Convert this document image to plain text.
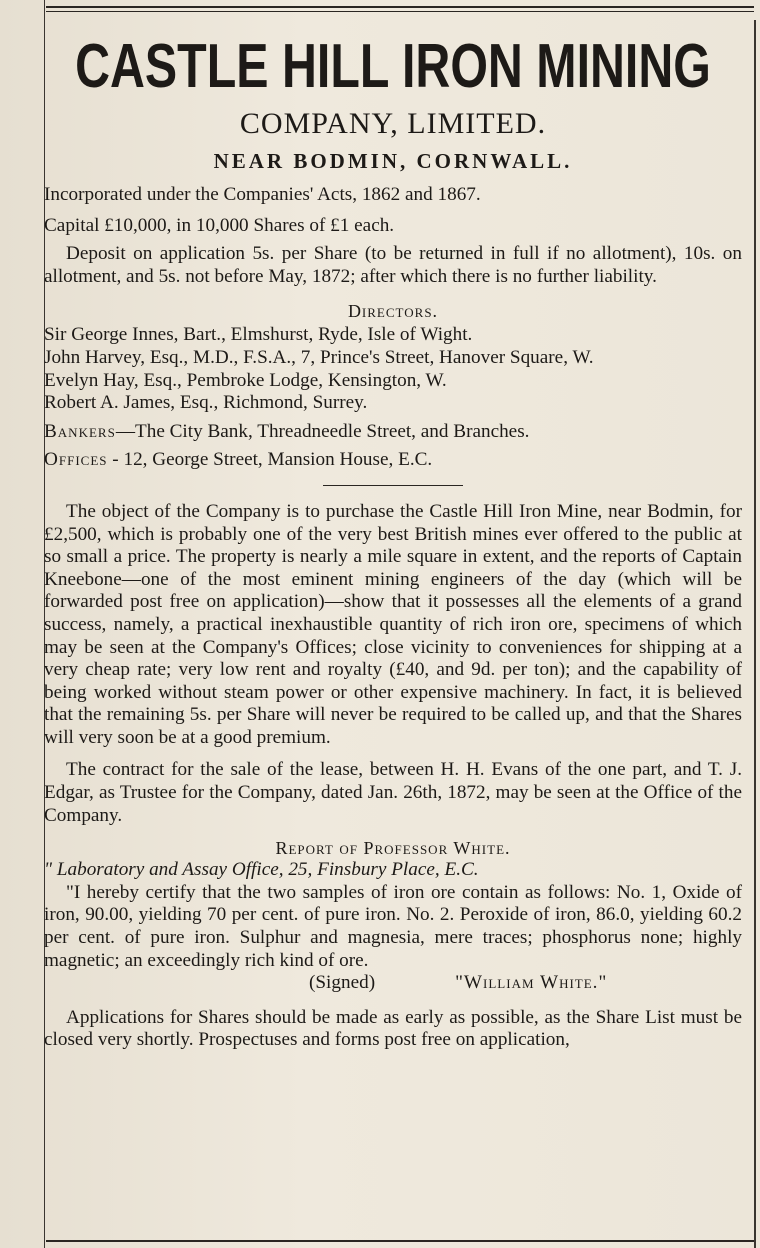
CASTLE HILL IRON MINING
COMPANY, LIMITED.
NEAR BODMIN, CORNWALL.

Incorporated under the Companies' Acts, 1862 and 1867.

Capital £10,000, in 10,000 Shares of £1 each.

Deposit on application 5s. per Share (to be returned in full if no allotment), 10s. on allotment, and 5s. not before May, 1872; after which there is no further liability.

Directors.

Sir George Innes, Bart., Elmshurst, Ryde, Isle of Wight.

John Harvey, Esq., M.D., F.S.A., 7, Prince's Street, Hanover Square, W.

Evelyn Hay, Esq., Pembroke Lodge, Kensington, W.

Robert A. James, Esq., Richmond, Surrey.

Bankers—The City Bank, Threadneedle Street, and Branches.

Offices - 12, George Street, Mansion House, E.C.

The object of the Company is to purchase the Castle Hill Iron Mine, near Bodmin, for £2,500, which is probably one of the very best British mines ever offered to the public at so small a price. The property is nearly a mile square in extent, and the reports of Captain Kneebone—one of the most eminent mining engineers of the day (which will be forwarded post free on application)—show that it possesses all the elements of a grand success, namely, a practical inexhaustible quantity of rich iron ore, specimens of which may be seen at the Company's Offices; close vicinity to conveniences for shipping at a very cheap rate; very low rent and royalty (£40, and 9d. per ton); and the capability of being worked without steam power or other expensive machinery. In fact, it is believed that the remaining 5s. per Share will never be required to be called up, and that the Shares will very soon be at a good premium.

The contract for the sale of the lease, between H. H. Evans of the one part, and T. J. Edgar, as Trustee for the Company, dated Jan. 26th, 1872, may be seen at the Office of the Company.

Report of Professor White.

" Laboratory and Assay Office, 25, Finsbury Place, E.C.

"I hereby certify that the two samples of iron ore contain as follows: No. 1, Oxide of iron, 90.00, yielding 70 per cent. of pure iron. No. 2. Peroxide of iron, 86.0, yielding 60.2 per cent. of pure iron. Sulphur and magnesia, mere traces; phosphorus none; highly magnetic; an exceedingly rich kind of ore.

(Signed)	"William White."

Applications for Shares should be made as early as possible, as the Share List must be closed very shortly. Prospectuses and forms post free on application,
